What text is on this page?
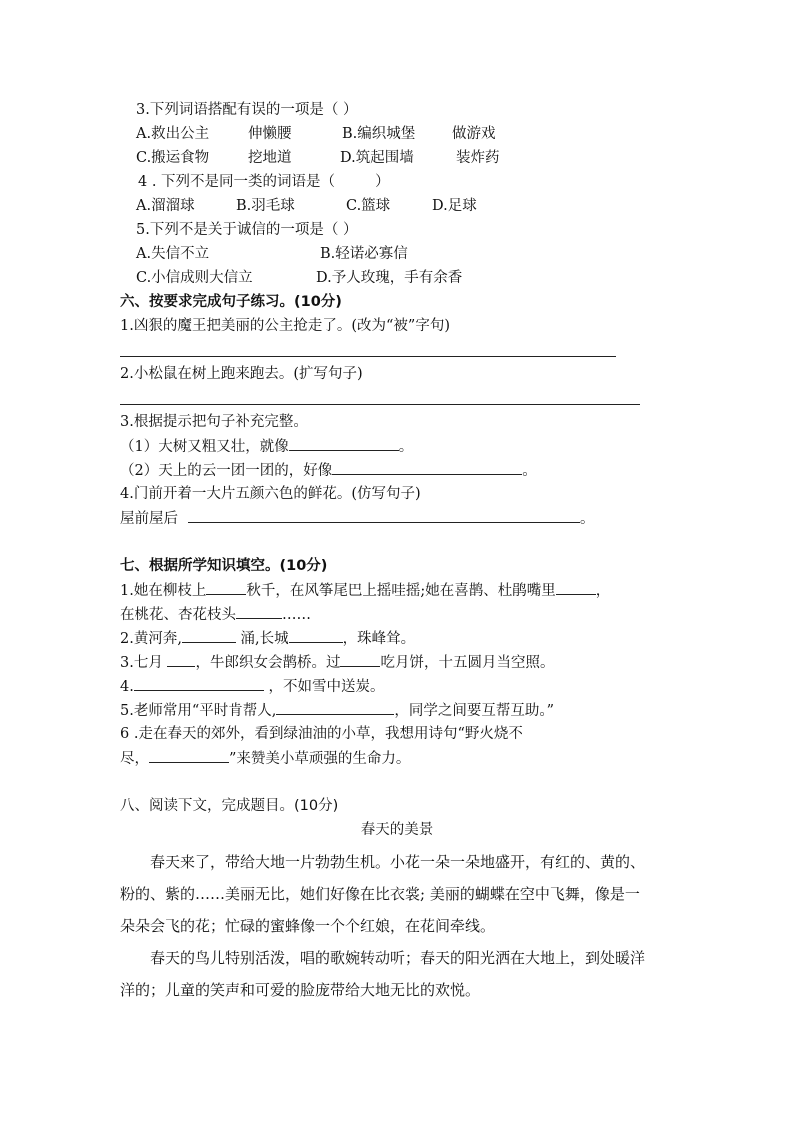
3.下列词语搭配有误的一项是（ ）
A.救出公主	伸懒腰	B.编织城堡	做游戏
C.搬运食物	挖地道	D.筑起围墙	装炸药
4 . 下列不是同一类的词语是（	）
A.溜溜球	B.羽毛球	C.篮球	D.足球
5.下列不是关于诚信的一项是（ ）
A.失信不立	B.轻诺必寡信
C.小信成则大信立	D.予人玫瑰，手有余香
六、按要求完成句子练习。(10分)
1.凶狠的魔王把美丽的公主抢走了。(改为“被”字句)
2.小松鼠在树上跑来跑去。(扩写句子)
3.根据提示把句子补充完整。
（1）大树又粗又壮，就像	。
（2）天上的云一团一团的，好像	。
4.门前开着一大片五颜六色的鲜花。(仿写句子)
屋前屋后	。
七、根据所学知识填空。(10分)
1.她在柳枝上	秋千，在风筝尾巴上摇哇摇;她在喜鹊、杜鹃嘴里	，
在桃花、杏花枝头	……
2.黄河奔,	涌,长城	，珠峰耸。
3.七月 ，牛郎织女会鹊桥。过	吃月饼，十五圆月当空照。
4.	，不如雪中送炭。
5.老师常用“平时肯帮人,	，同学之间要互帮互助。”
6 .走在春天的郊外，看到绿油油的小草，我想用诗句“野火烧不
尽，	”来赞美小草顽强的生命力。
八、阅读下文，完成题目。(10分)
春天的美景
春天来了，带给大地一片勃勃生机。小花一朵一朵地盛开，有红的、黄的、
粉的、紫的……美丽无比，她们好像在比衣裳; 美丽的蝴蝶在空中飞舞，像是一
朵朵会飞的花；忙碌的蜜蜂像一个个红娘，在花间牵线。
春天的鸟儿特别活泼，唱的歌婉转动听；春天的阳光洒在大地上，到处暖洋
洋的；儿童的笑声和可爱的脸庞带给大地无比的欢悦。
